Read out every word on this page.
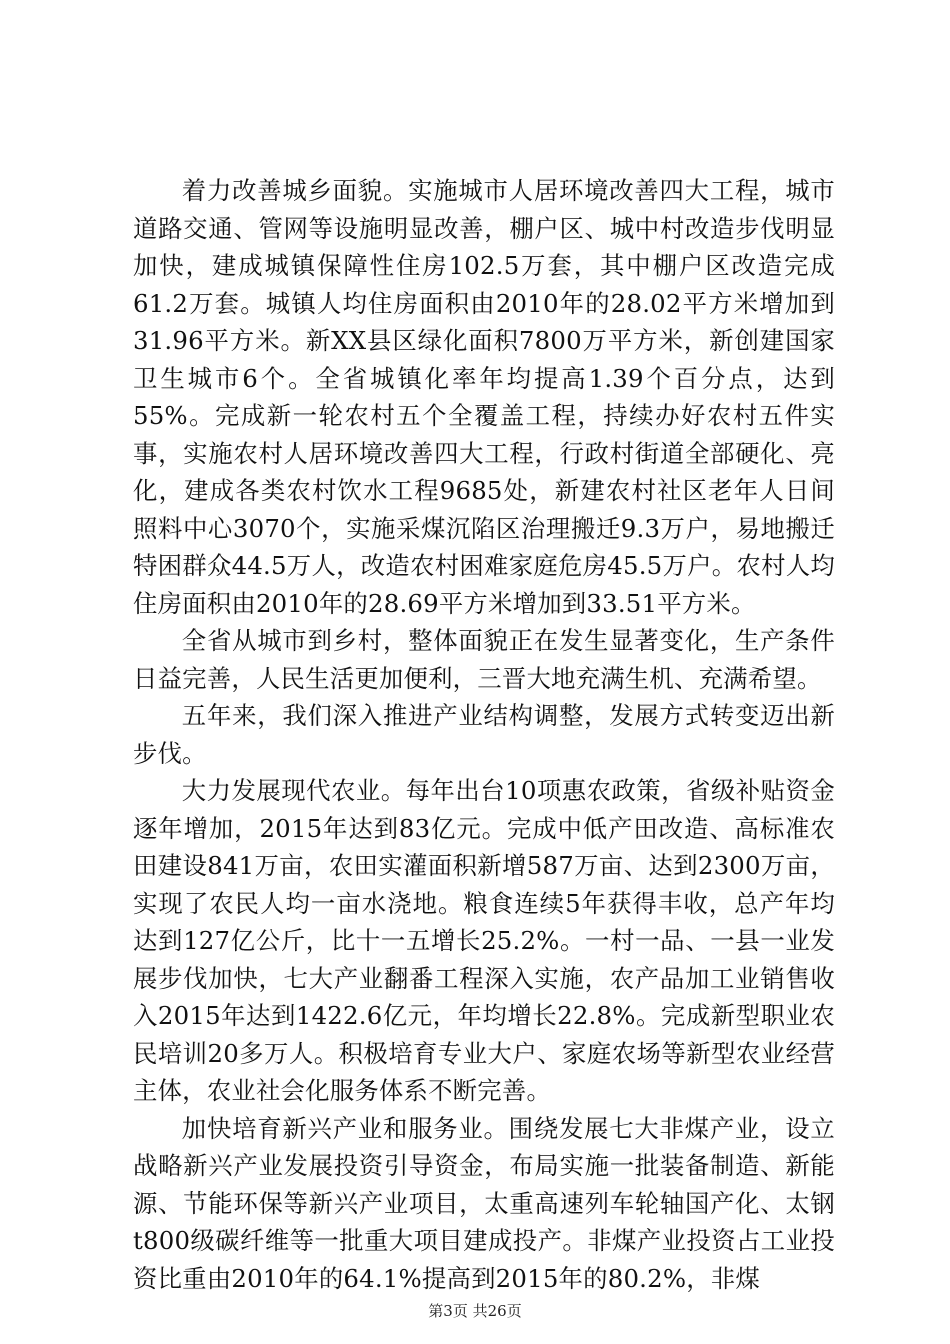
着力改善城乡面貌。实施城市人居环境改善四大工程，城市道路交通、管网等设施明显改善，棚户区、城中村改造步伐明显加快，建成城镇保障性住房102.5万套，其中棚户区改造完成61.2万套。城镇人均住房面积由2010年的28.02平方米增加到31.96平方米。新XX县区绿化面积7800万平方米，新创建国家卫生城市6个。全省城镇化率年均提高1.39个百分点，达到55%。完成新一轮农村五个全覆盖工程，持续办好农村五件实事，实施农村人居环境改善四大工程，行政村街道全部硬化、亮化，建成各类农村饮水工程9685处，新建农村社区老年人日间照料中心3070个，实施采煤沉陷区治理搬迁9.3万户，易地搬迁特困群众44.5万人，改造农村困难家庭危房45.5万户。农村人均住房面积由2010年的28.69平方米增加到33.51平方米。

全省从城市到乡村，整体面貌正在发生显著变化，生产条件日益完善，人民生活更加便利，三晋大地充满生机、充满希望。

五年来，我们深入推进产业结构调整，发展方式转变迈出新步伐。

大力发展现代农业。每年出台10项惠农政策，省级补贴资金逐年增加，2015年达到83亿元。完成中低产田改造、高标准农田建设841万亩，农田实灌面积新增587万亩、达到2300万亩，实现了农民人均一亩水浇地。粮食连续5年获得丰收，总产年均达到127亿公斤，比十一五增长25.2%。一村一品、一县一业发展步伐加快，七大产业翻番工程深入实施，农产品加工业销售收入2015年达到1422.6亿元，年均增长22.8%。完成新型职业农民培训20多万人。积极培育专业大户、家庭农场等新型农业经营主体，农业社会化服务体系不断完善。

加快培育新兴产业和服务业。围绕发展七大非煤产业，设立战略新兴产业发展投资引导资金，布局实施一批装备制造、新能源、节能环保等新兴产业项目，太重高速列车轮轴国产化、太钢t800级碳纤维等一批重大项目建成投产。非煤产业投资占工业投资比重由2010年的64.1%提高到2015年的80.2%，非煤

第3页 共26页
